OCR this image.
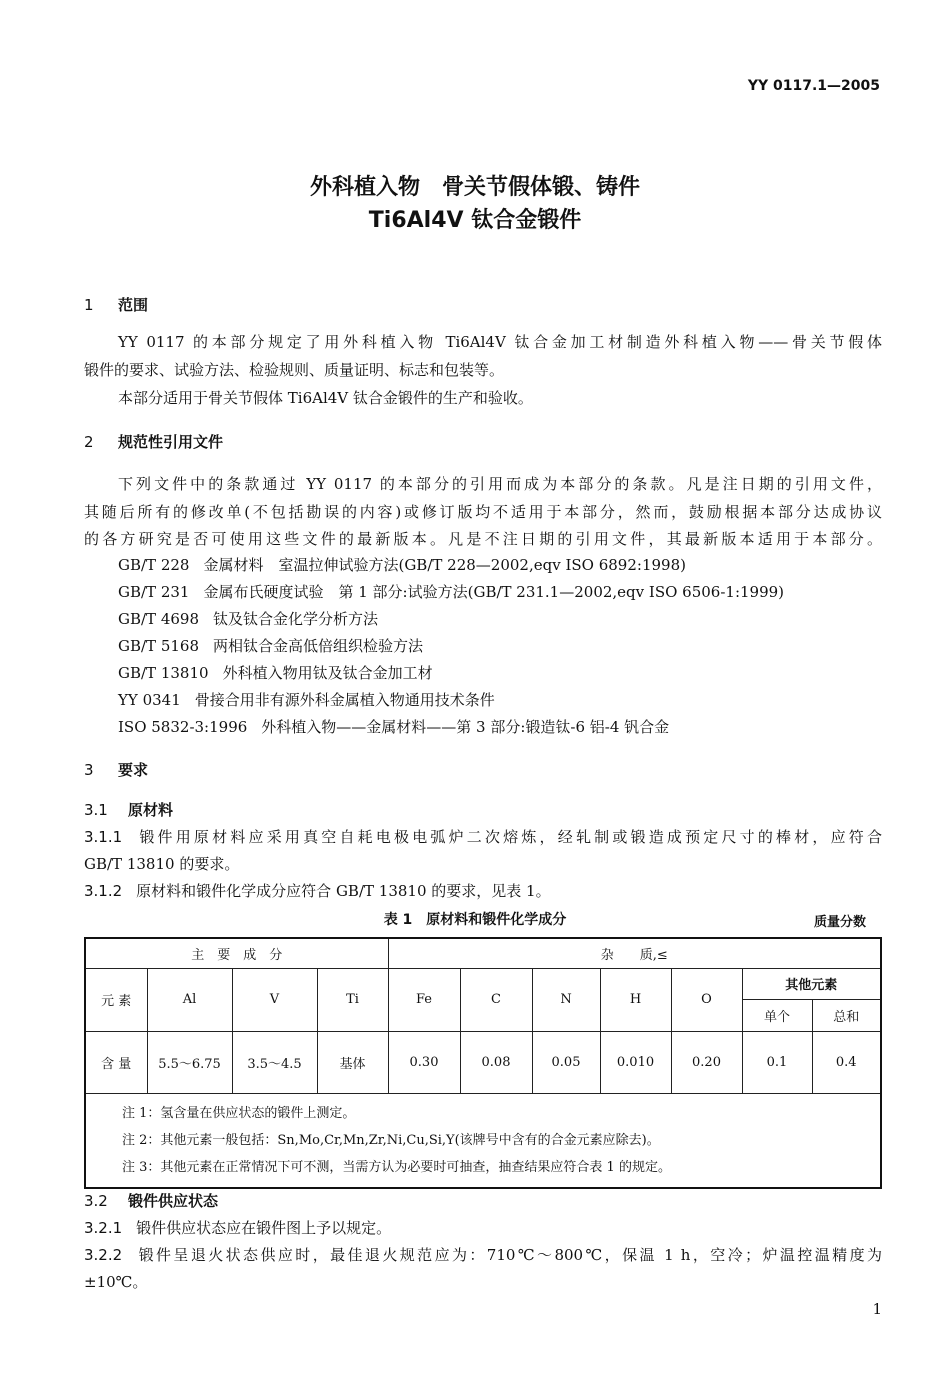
YY 0117.1—2005
外科植入物　骨关节假体锻、铸件
Ti6Al4V 钛合金锻件
1 范围
YY 0117 的本部分规定了用外科植入物 Ti6Al4V 钛合金加工材制造外科植入物——骨关节假体
锻件的要求、试验方法、检验规则、质量证明、标志和包装等。
本部分适用于骨关节假体 Ti6Al4V 钛合金锻件的生产和验收。
2 规范性引用文件
下列文件中的条款通过 YY 0117 的本部分的引用而成为本部分的条款。凡是注日期的引用文件，
其随后所有的修改单(不包括勘误的内容)或修订版均不适用于本部分，然而，鼓励根据本部分达成协议
的各方研究是否可使用这些文件的最新版本。凡是不注日期的引用文件，其最新版本适用于本部分。
GB/T 228 金属材料　室温拉伸试验方法(GB/T 228—2002,eqv ISO 6892:1998)
GB/T 231 金属布氏硬度试验　第 1 部分:试验方法(GB/T 231.1—2002,eqv ISO 6506-1:1999)
GB/T 4698 钛及钛合金化学分析方法
GB/T 5168 两相钛合金高低倍组织检验方法
GB/T 13810 外科植入物用钛及钛合金加工材
YY 0341 骨接合用非有源外科金属植入物通用技术条件
ISO 5832-3:1996 外科植入物——金属材料——第 3 部分:锻造钛-6 铝-4 钒合金
3 要求
3.1 原材料
3.1.1 锻件用原材料应采用真空自耗电极电弧炉二次熔炼，经轧制或锻造成预定尺寸的棒材，应符合
GB/T 13810 的要求。
3.1.2 原材料和锻件化学成分应符合 GB/T 13810 的要求，见表 1。
表 1　原材料和锻件化学成分	质量分数
主　要　成　分				杂　　质,≤						
元 素	Al	V	Ti	Fe	C	N	H	O	其他元素	
									单个	总和
含 量	5.5～6.75	3.5～4.5	基体	0.30	0.08	0.05	0.010	0.20	0.1	0.4

注 1：氢含量在供应状态的锻件上测定。
注 2：其他元素一般包括：Sn,Mo,Cr,Mn,Zr,Ni,Cu,Si,Y(该牌号中含有的合金元素应除去)。
注 3：其他元素在正常情况下可不测，当需方认为必要时可抽查，抽查结果应符合表 1 的规定。										
3.2 锻件供应状态
3.2.1 锻件供应状态应在锻件图上予以规定。
3.2.2 锻件呈退火状态供应时，最佳退火规范应为：710℃～800℃，保温 1 h，空冷；炉温控温精度为
±10℃。
1
